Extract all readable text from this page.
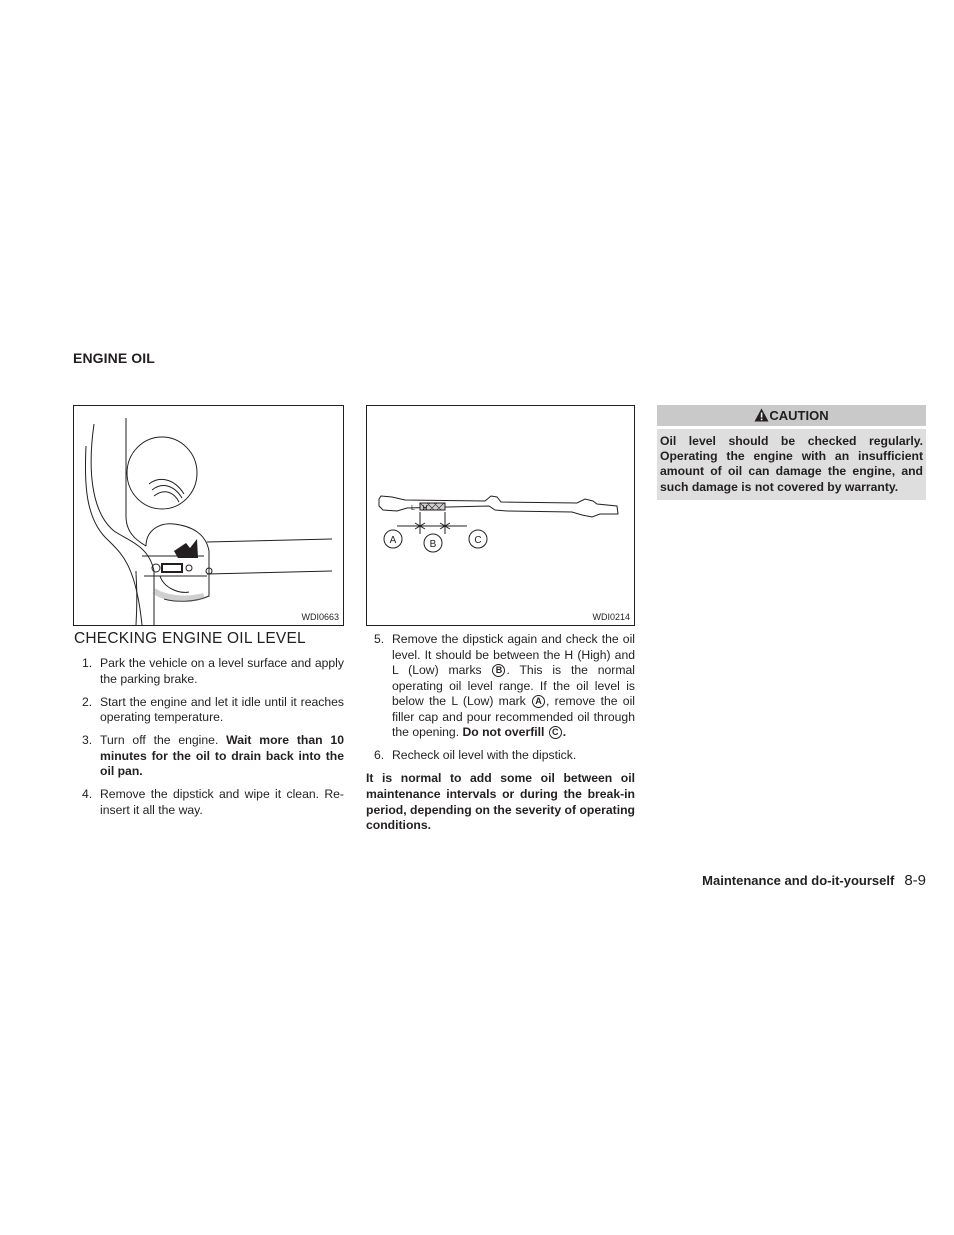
ENGINE OIL
WDI0663
A	B	C
L    H
WDI0214
CHECKING ENGINE OIL LEVEL
1. Park the vehicle on a level surface and apply the parking brake.
2. Start the engine and let it idle until it reaches operating temperature.
3. Turn off the engine. Wait more than 10 minutes for the oil to drain back into the oil pan.
4. Remove the dipstick and wipe it clean. Re-insert it all the way.
5. Remove the dipstick again and check the oil level. It should be between the H (High) and L (Low) marks B . This is the normal operating oil level range. If the oil level is below the L (Low) mark A , remove the oil filler cap and pour recommended oil through the opening. Do not overfill C .
6. Recheck oil level with the dipstick.
It is normal to add some oil between oil maintenance intervals or during the break-in period, depending on the severity of operating conditions.
CAUTION
Oil level should be checked regularly. Operating the engine with an insufficient amount of oil can damage the engine, and such damage is not covered by warranty.
Maintenance and do-it-yourself 8-9
